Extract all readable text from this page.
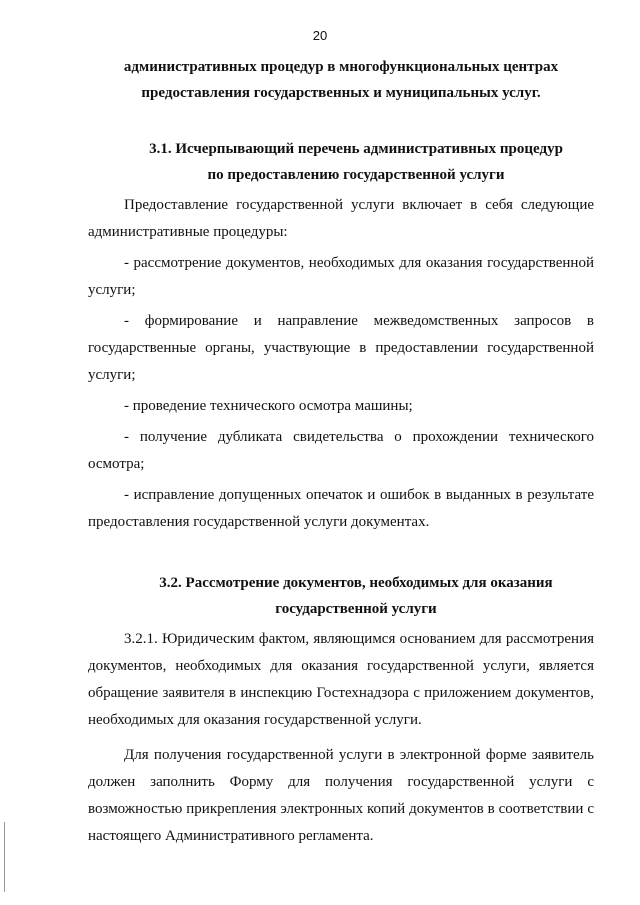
20
административных процедур в многофункциональных центрах
предоставления государственных и муниципальных услуг.
3.1. Исчерпывающий перечень административных процедур
по предоставлению государственной услуги

Предоставление государственной услуги включает в себя следующие административные процедуры:

- рассмотрение документов, необходимых для оказания государственной услуги;

- формирование и направление межведомственных запросов в государственные органы, участвующие в предоставлении государственной услуги;

- проведение технического осмотра машины;

- получение дубликата свидетельства о прохождении технического осмотра;

- исправление допущенных опечаток и ошибок в выданных в результате предоставления государственной услуги документах.

3.2. Рассмотрение документов, необходимых для оказания
государственной услуги

3.2.1. Юридическим фактом, являющимся основанием для рассмотрения документов, необходимых для оказания государственной услуги, является обращение заявителя в инспекцию Гостехнадзора с приложением документов, необходимых для оказания государственной услуги.

Для получения государственной услуги в электронной форме заявитель должен заполнить Форму для получения государственной услуги с возможностью прикрепления электронных копий документов в соответствии с настоящего Административного регламента.
